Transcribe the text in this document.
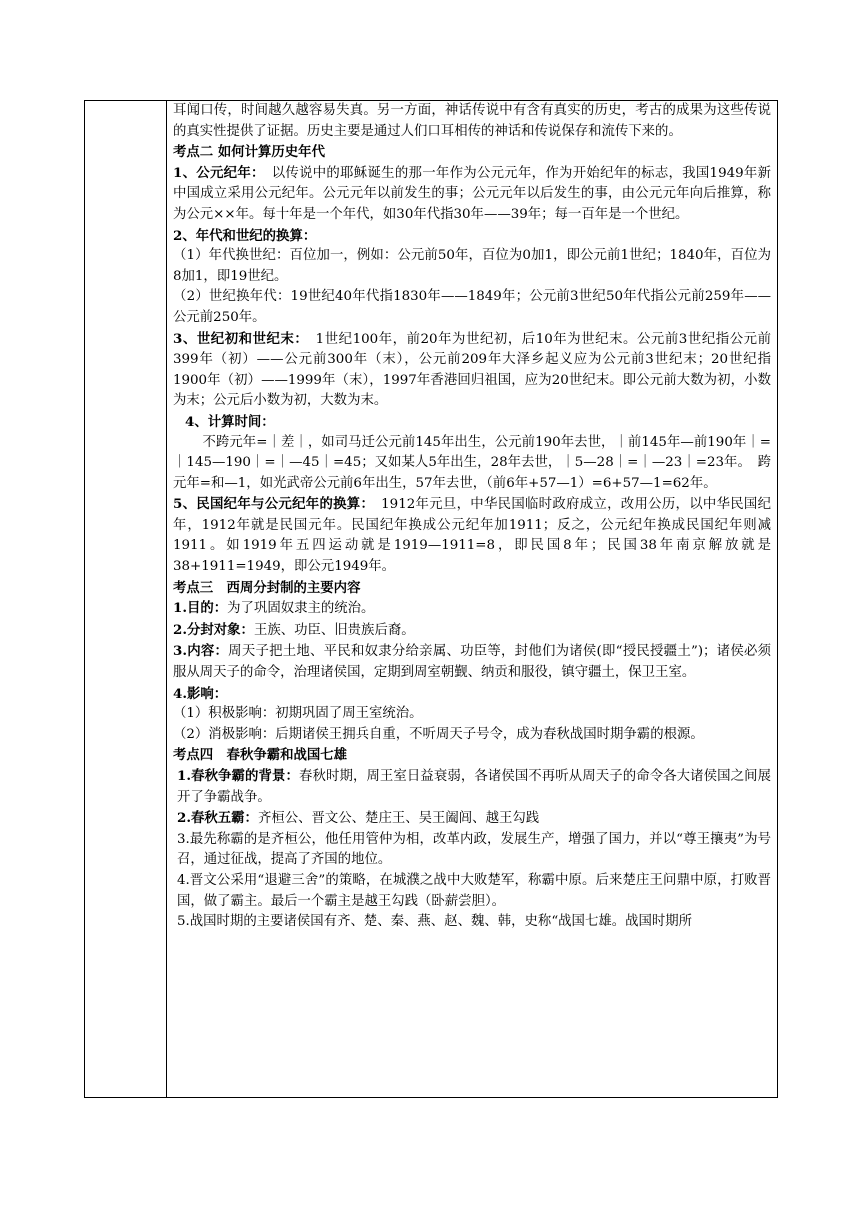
耳闻口传，时间越久越容易失真。另一方面，神话传说中有含有真实的历史，考古的成果为这些传说的真实性提供了证据。历史主要是通过人们口耳相传的神话和传说保存和流传下来的。

考点二 如何计算历史年代

1、公元纪年：　以传说中的耶稣诞生的那一年作为公元元年，作为开始纪年的标志，我国1949年新中国成立采用公元纪年。公元元年以前发生的事；公元元年以后发生的事，由公元元年向后推算，称为公元××年。每十年是一个年代，如30年代指30年——39年；每一百年是一个世纪。

2、年代和世纪的换算：

（1）年代换世纪：百位加一，例如：公元前50年，百位为0加1，即公元前1世纪；1840年，百位为8加1，即19世纪。

（2）世纪换年代：19世纪40年代指1830年——1849年；公元前3世纪50年代指公元前259年——公元前250年。

3、世纪初和世纪末：　1世纪100年，前20年为世纪初，后10年为世纪末。公元前3世纪指公元前399年（初）——公元前300年（末），公元前209年大泽乡起义应为公元前3世纪末；20世纪指1900年（初）——1999年（末），1997年香港回归祖国，应为20世纪末。即公元前大数为初，小数为末；公元后小数为初，大数为末。

4、计算时间：

不跨元年=｜差｜，如司马迁公元前145年出生，公元前190年去世，｜前145年—前190年｜=｜145—190｜=｜—45｜=45；又如某人5年出生，28年去世，｜5—28｜=｜—23｜=23年。　跨元年=和—1，如光武帝公元前6年出生，57年去世，（前6年+57—1）=6+57—1=62年。

5、民国纪年与公元纪年的换算：　1912年元旦，中华民国临时政府成立，改用公历，以中华民国纪年，1912年就是民国元年。民国纪年换成公元纪年加1911；反之，公元纪年换成民国纪年则减1911。如1919年五四运动就是1919—1911=8，即民国8年；民国38年南京解放就是38+1911=1949，即公元1949年。

考点三　西周分封制的主要内容

1.目的：为了巩固奴隶主的统治。

2.分封对象：王族、功臣、旧贵族后裔。

3.内容：周天子把土地、平民和奴隶分给亲属、功臣等，封他们为诸侯(即“授民授疆土”)；诸侯必须服从周天子的命令，治理诸侯国，定期到周室朝觐、纳贡和服役，镇守疆土，保卫王室。

4.影响：

（1）积极影响：初期巩固了周王室统治。

（2）消极影响：后期诸侯王拥兵自重，不听周天子号令，成为春秋战国时期争霸的根源。

考点四　春秋争霸和战国七雄

1.春秋争霸的背景：春秋时期，周王室日益衰弱，各诸侯国不再听从周天子的命令各大诸侯国之间展开了争霸战争。

2.春秋五霸：齐桓公、晋文公、楚庄王、吴王阖闾、越王勾践

3.最先称霸的是齐桓公，他任用管仲为相，改革内政，发展生产，增强了国力，并以“尊王攘夷”为号召，通过征战，提高了齐国的地位。

4.晋文公采用“退避三舍”的策略，在城濮之战中大败楚军，称霸中原。后来楚庄王问鼎中原，打败晋国，做了霸主。最后一个霸主是越王勾践（卧薪尝胆）。

5.战国时期的主要诸侯国有齐、楚、秦、燕、赵、魏、韩，史称“战国七雄。战国时期所
